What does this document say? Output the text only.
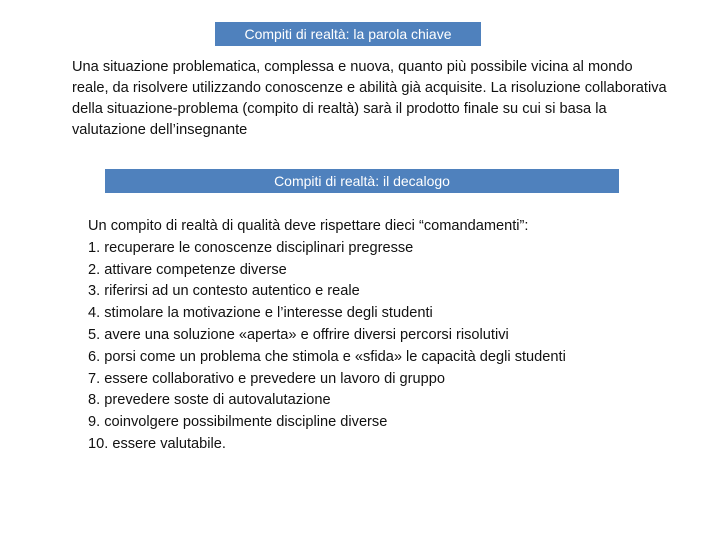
Compiti di realtà: la parola chiave

Una situazione problematica, complessa e nuova, quanto più possibile vicina al mondo reale, da risolvere utilizzando conoscenze e abilità già acquisite. La risoluzione collaborativa della situazione-problema (compito di realtà) sarà il prodotto finale su cui si basa la valutazione dell’insegnante

Compiti di realtà: il decalogo
Un compito di realtà di qualità deve rispettare dieci “comandamenti”:
1. recuperare le conoscenze disciplinari pregresse
2. attivare competenze diverse
3. riferirsi ad un contesto autentico e reale
4. stimolare la motivazione e l’interesse degli studenti
5. avere una soluzione «aperta» e offrire diversi percorsi risolutivi
6. porsi come un problema che stimola e «sfida» le capacità degli studenti
7. essere collaborativo e prevedere un lavoro di gruppo
8. prevedere soste di autovalutazione
9. coinvolgere possibilmente discipline diverse
10. essere valutabile.
